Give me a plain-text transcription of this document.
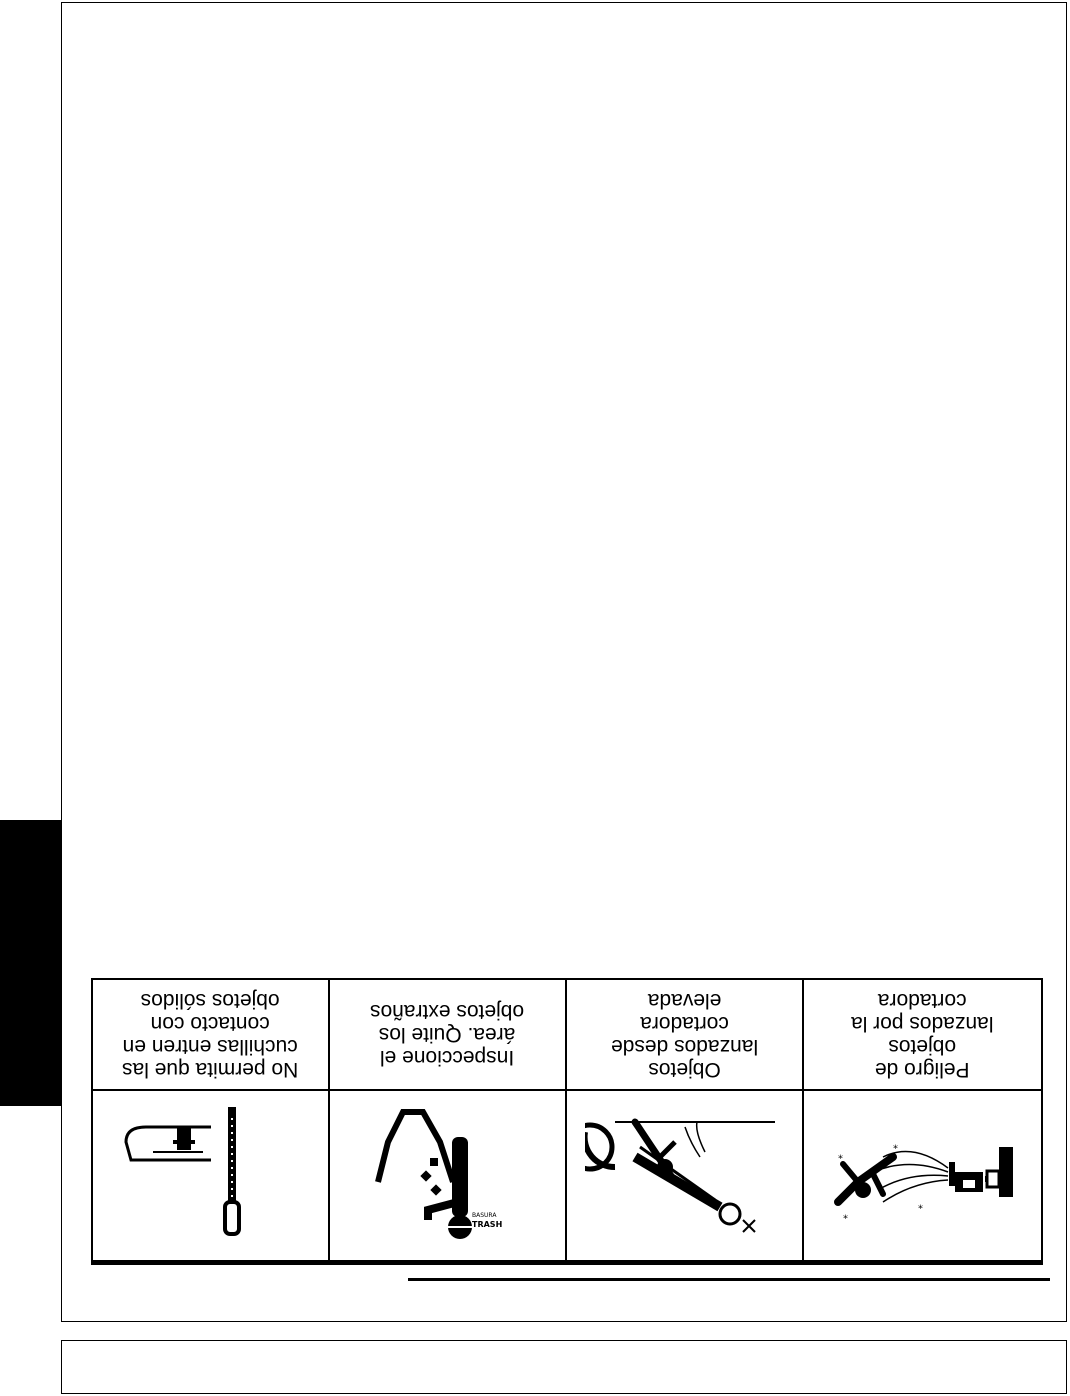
Peligro de
objetos
lanzados por la
cortadora
Objetos
lanzados desde
cortadora
elevada
Inspeccione el
área. Quite los
objetos extraños
No permita que las
cuchillas entren en
contacto con
objetos sólidos
*
*
*
*
TRASH
BASURA
